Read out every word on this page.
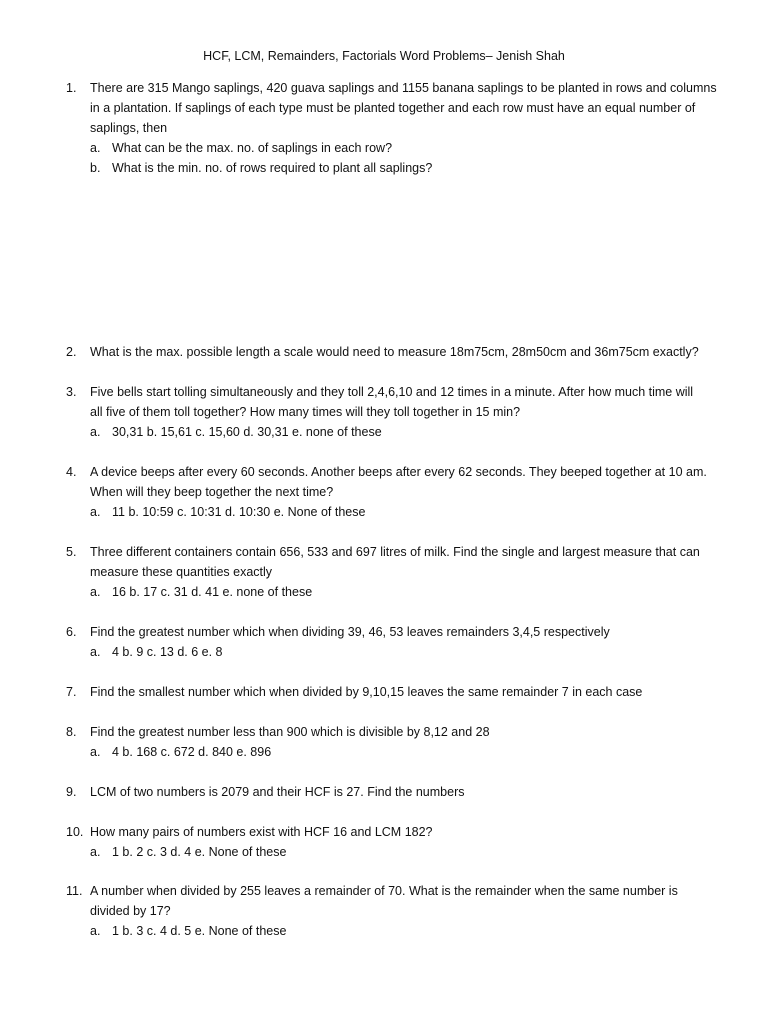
HCF, LCM, Remainders, Factorials Word Problems– Jenish Shah
1.	There are 315 Mango saplings, 420 guava saplings and 1155 banana saplings to be planted in rows and columns
in a plantation. If saplings of each type must be planted together and each row must have an equal number of
saplings, then
a. What can be the max. no. of saplings in each row?
b. What is the min. no. of rows required to plant all saplings?
2.	What is the max. possible length a scale would need to measure 18m75cm, 28m50cm and 36m75cm exactly?
3.	Five bells start tolling simultaneously and they toll 2,4,6,10 and 12 times in a minute. After how much time will
all five of them toll together? How many times will they toll together in 15 min?
a. 30,31 b. 15,61 c. 15,60 d. 30,31 e. none of these
4.	A device beeps after every 60 seconds. Another beeps after every 62 seconds. They beeped together at 10 am.
When will they beep together the next time?
a. 11 b. 10:59 c. 10:31 d. 10:30 e. None of these
5.	Three different containers contain 656, 533 and 697 litres of milk. Find the single and largest measure that can
measure these quantities exactly
a. 16 b. 17 c. 31 d. 41 e. none of these
6.	Find the greatest number which when dividing 39, 46, 53 leaves remainders 3,4,5 respectively
a. 4 b. 9 c. 13 d. 6 e. 8
7.	Find the smallest number which when divided by 9,10,15 leaves the same remainder 7 in each case
8.	Find the greatest number less than 900 which is divisible by 8,12 and 28
a. 4 b. 168 c. 672 d. 840 e. 896
9.	LCM of two numbers is 2079 and their HCF is 27. Find the numbers
10. How many pairs of numbers exist with HCF 16 and LCM 182?
a. 1 b. 2 c. 3 d. 4 e. None of these
11. A number when divided by 255 leaves a remainder of 70. What is the remainder when the same number is
divided by 17?
a. 1 b. 3 c. 4 d. 5 e. None of these
